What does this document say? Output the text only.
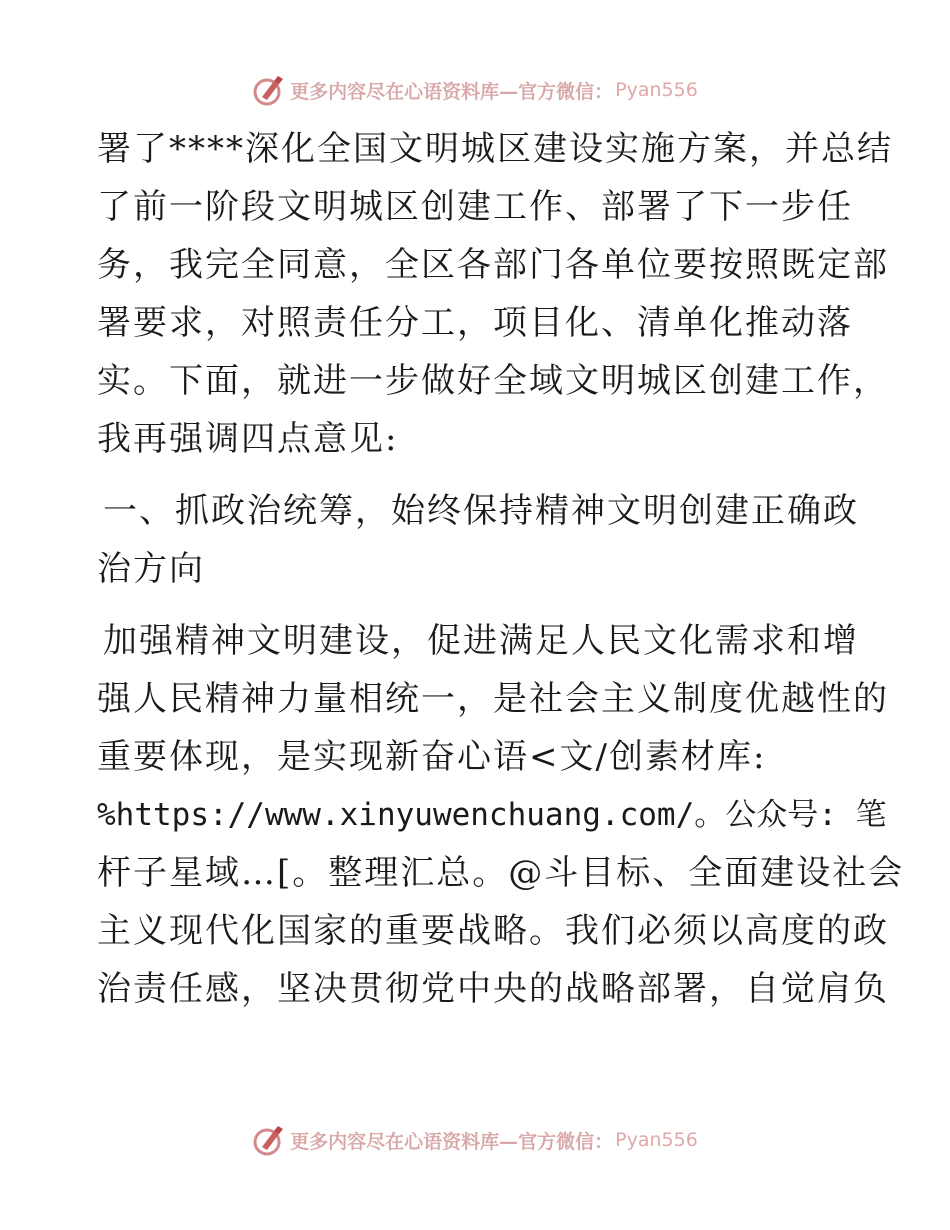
更多内容尽在心语资料库—官方微信： Pyan556
署了****深化全国文明城区建设实施方案，并总结
了前一阶段文明城区创建工作、部署了下一步任
务，我完全同意，全区各部门各单位要按照既定部
署要求，对照责任分工，项目化、清单化推动落
实。下面，就进一步做好全域文明城区创建工作，
我再强调四点意见:
一、抓政治统筹，始终保持精神文明创建正确政
治方向
加强精神文明建设，促进满足人民文化需求和增
强人民精神力量相统一，是社会主义制度优越性的
重要体现，是实现新奋心语<文/创素材库:
%https://www.xinyuwenchuang.com/。公众号: 笔
杆子星域…[。整理汇总。@斗目标、全面建设社会
主义现代化国家的重要战略。我们必须以高度的政
治责任感，坚决贯彻党中央的战略部署，自觉肩负
更多内容尽在心语资料库—官方微信： Pyan556
